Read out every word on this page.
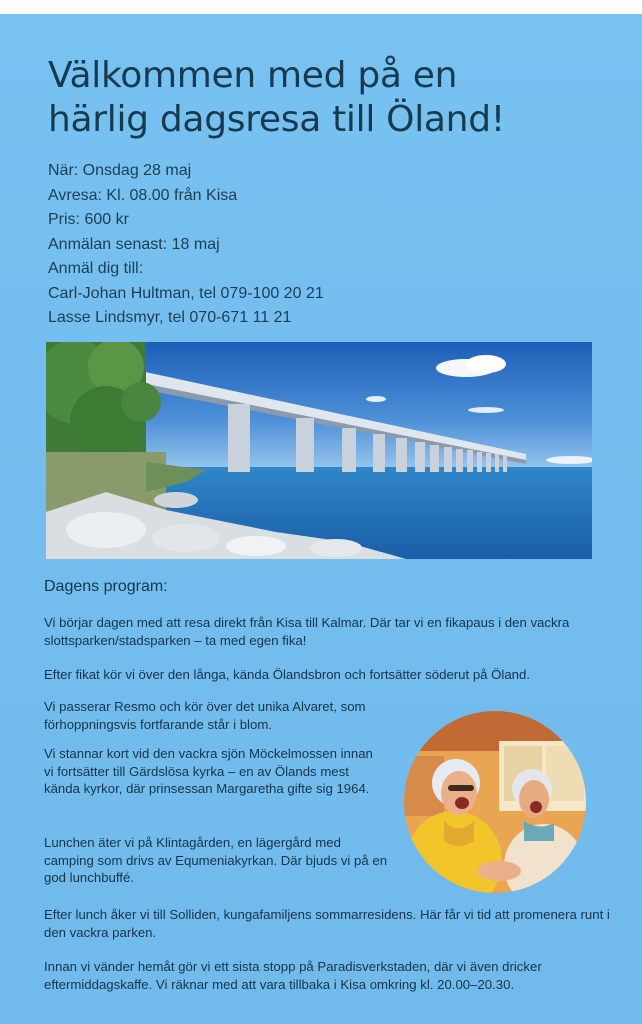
Välkommen med på en
härlig dagsresa till Öland!
När: Onsdag 28 maj
Avresa: Kl. 08.00 från Kisa
Pris: 600 kr
Anmälan senast: 18 maj
Anmäl dig till:
Carl-Johan Hultman, tel 079-100 20 21
Lasse Lindsmyr, tel 070-671 11 21
Dagens program:

Vi börjar dagen med att resa direkt från Kisa till Kalmar. Där tar vi en fikapaus i den vackra slottsparken/stadsparken – ta med egen fika!

Efter fikat kör vi över den långa, kända Ölandsbron och fortsätter söderut på Öland.

Vi passerar Resmo och kör över det unika Alvaret, som förhoppningsvis fortfarande står i blom.

Vi stannar kort vid den vackra sjön Möckelmossen innan vi fortsätter till Gärdslösa kyrka – en av Ölands mest kända kyrkor, där prinsessan Margaretha gifte sig 1964.

Lunchen äter vi på Klintagården, en lägergård med camping som drivs av Equmeniakyrkan. Där bjuds vi på en god lunchbuffé.

Efter lunch åker vi till Solliden, kungafamiljens sommarresidens. Här får vi tid att promenera runt i den vackra parken.

Innan vi vänder hemåt gör vi ett sista stopp på Paradisverkstaden, där vi även dricker eftermiddagskaffe. Vi räknar med att vara tillbaka i Kisa omkring kl. 20.00–20.30.
